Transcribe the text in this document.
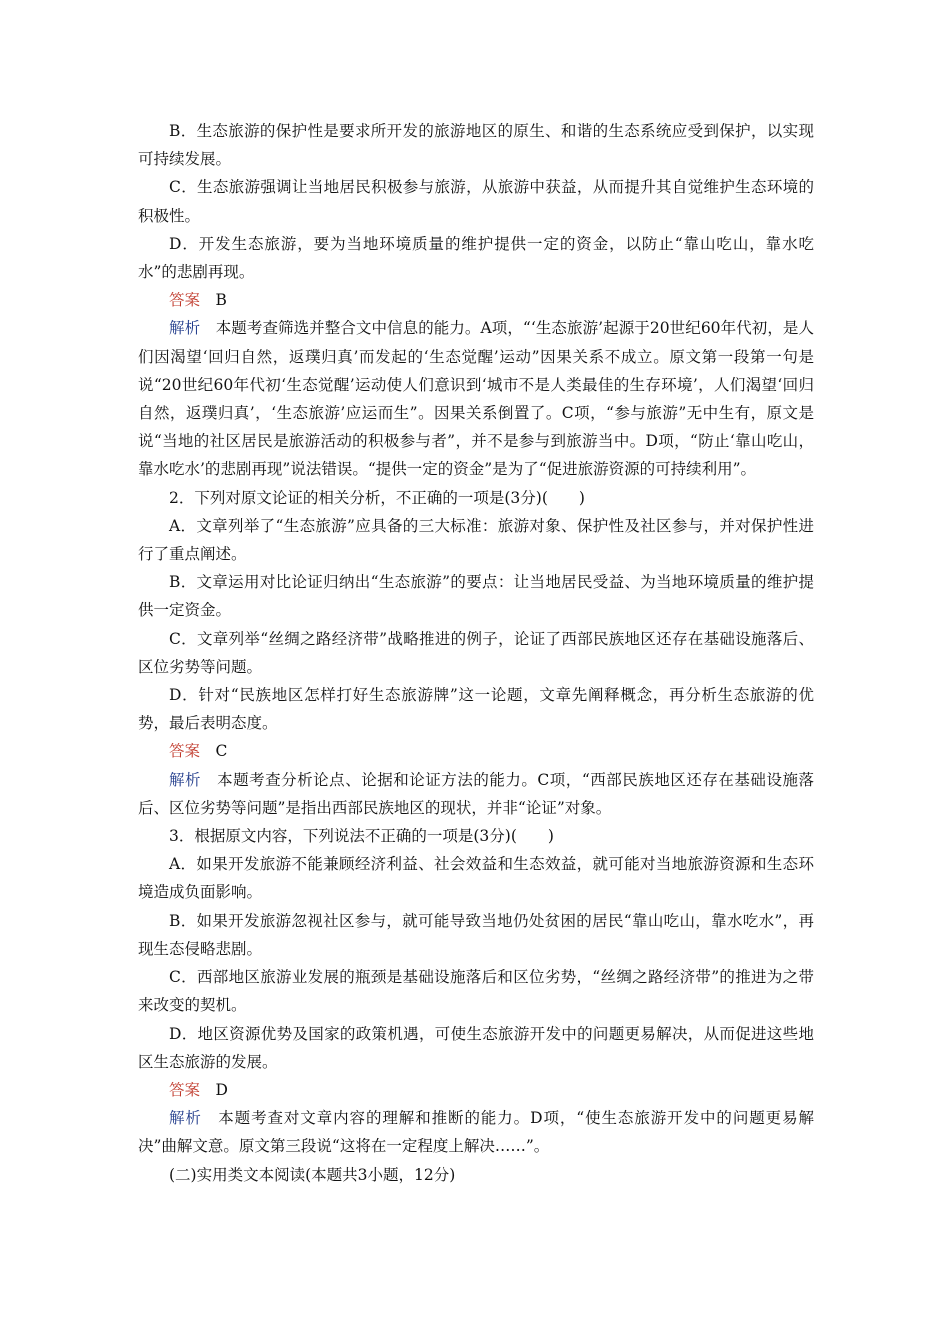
B．生态旅游的保护性是要求所开发的旅游地区的原生、和谐的生态系统应受到保护，以实现可持续发展。

C．生态旅游强调让当地居民积极参与旅游，从旅游中获益，从而提升其自觉维护生态环境的积极性。

D．开发生态旅游，要为当地环境质量的维护提供一定的资金，以防止“靠山吃山，靠水吃水”的悲剧再现。

答案 B

解析 本题考查筛选并整合文中信息的能力。A项，“‘生态旅游’起源于20世纪60年代初，是人们因渴望‘回归自然，返璞归真’而发起的‘生态觉醒’运动”因果关系不成立。原文第一段第一句是说“20世纪60年代初‘生态觉醒’运动使人们意识到‘城市不是人类最佳的生存环境’，人们渴望‘回归自然，返璞归真’，‘生态旅游’应运而生”。因果关系倒置了。C项，“参与旅游”无中生有，原文是说“当地的社区居民是旅游活动的积极参与者”，并不是参与到旅游当中。D项，“防止‘靠山吃山，靠水吃水’的悲剧再现”说法错误。“提供一定的资金”是为了“促进旅游资源的可持续利用”。

2．下列对原文论证的相关分析，不正确的一项是(3分)(　　)

A．文章列举了“生态旅游”应具备的三大标准：旅游对象、保护性及社区参与，并对保护性进行了重点阐述。

B．文章运用对比论证归纳出“生态旅游”的要点：让当地居民受益、为当地环境质量的维护提供一定资金。

C．文章列举“丝绸之路经济带”战略推进的例子，论证了西部民族地区还存在基础设施落后、区位劣势等问题。

D．针对“民族地区怎样打好生态旅游牌”这一论题，文章先阐释概念，再分析生态旅游的优势，最后表明态度。

答案 C

解析 本题考查分析论点、论据和论证方法的能力。C项，“西部民族地区还存在基础设施落后、区位劣势等问题”是指出西部民族地区的现状，并非“论证”对象。

3．根据原文内容，下列说法不正确的一项是(3分)(　　)

A．如果开发旅游不能兼顾经济利益、社会效益和生态效益，就可能对当地旅游资源和生态环境造成负面影响。

B．如果开发旅游忽视社区参与，就可能导致当地仍处贫困的居民“靠山吃山，靠水吃水”，再现生态侵略悲剧。

C．西部地区旅游业发展的瓶颈是基础设施落后和区位劣势，“丝绸之路经济带”的推进为之带来改变的契机。

D．地区资源优势及国家的政策机遇，可使生态旅游开发中的问题更易解决，从而促进这些地区生态旅游的发展。

答案 D

解析 本题考查对文章内容的理解和推断的能力。D项，“使生态旅游开发中的问题更易解决”曲解文意。原文第三段说“这将在一定程度上解决……”。

(二)实用类文本阅读(本题共3小题，12分)
